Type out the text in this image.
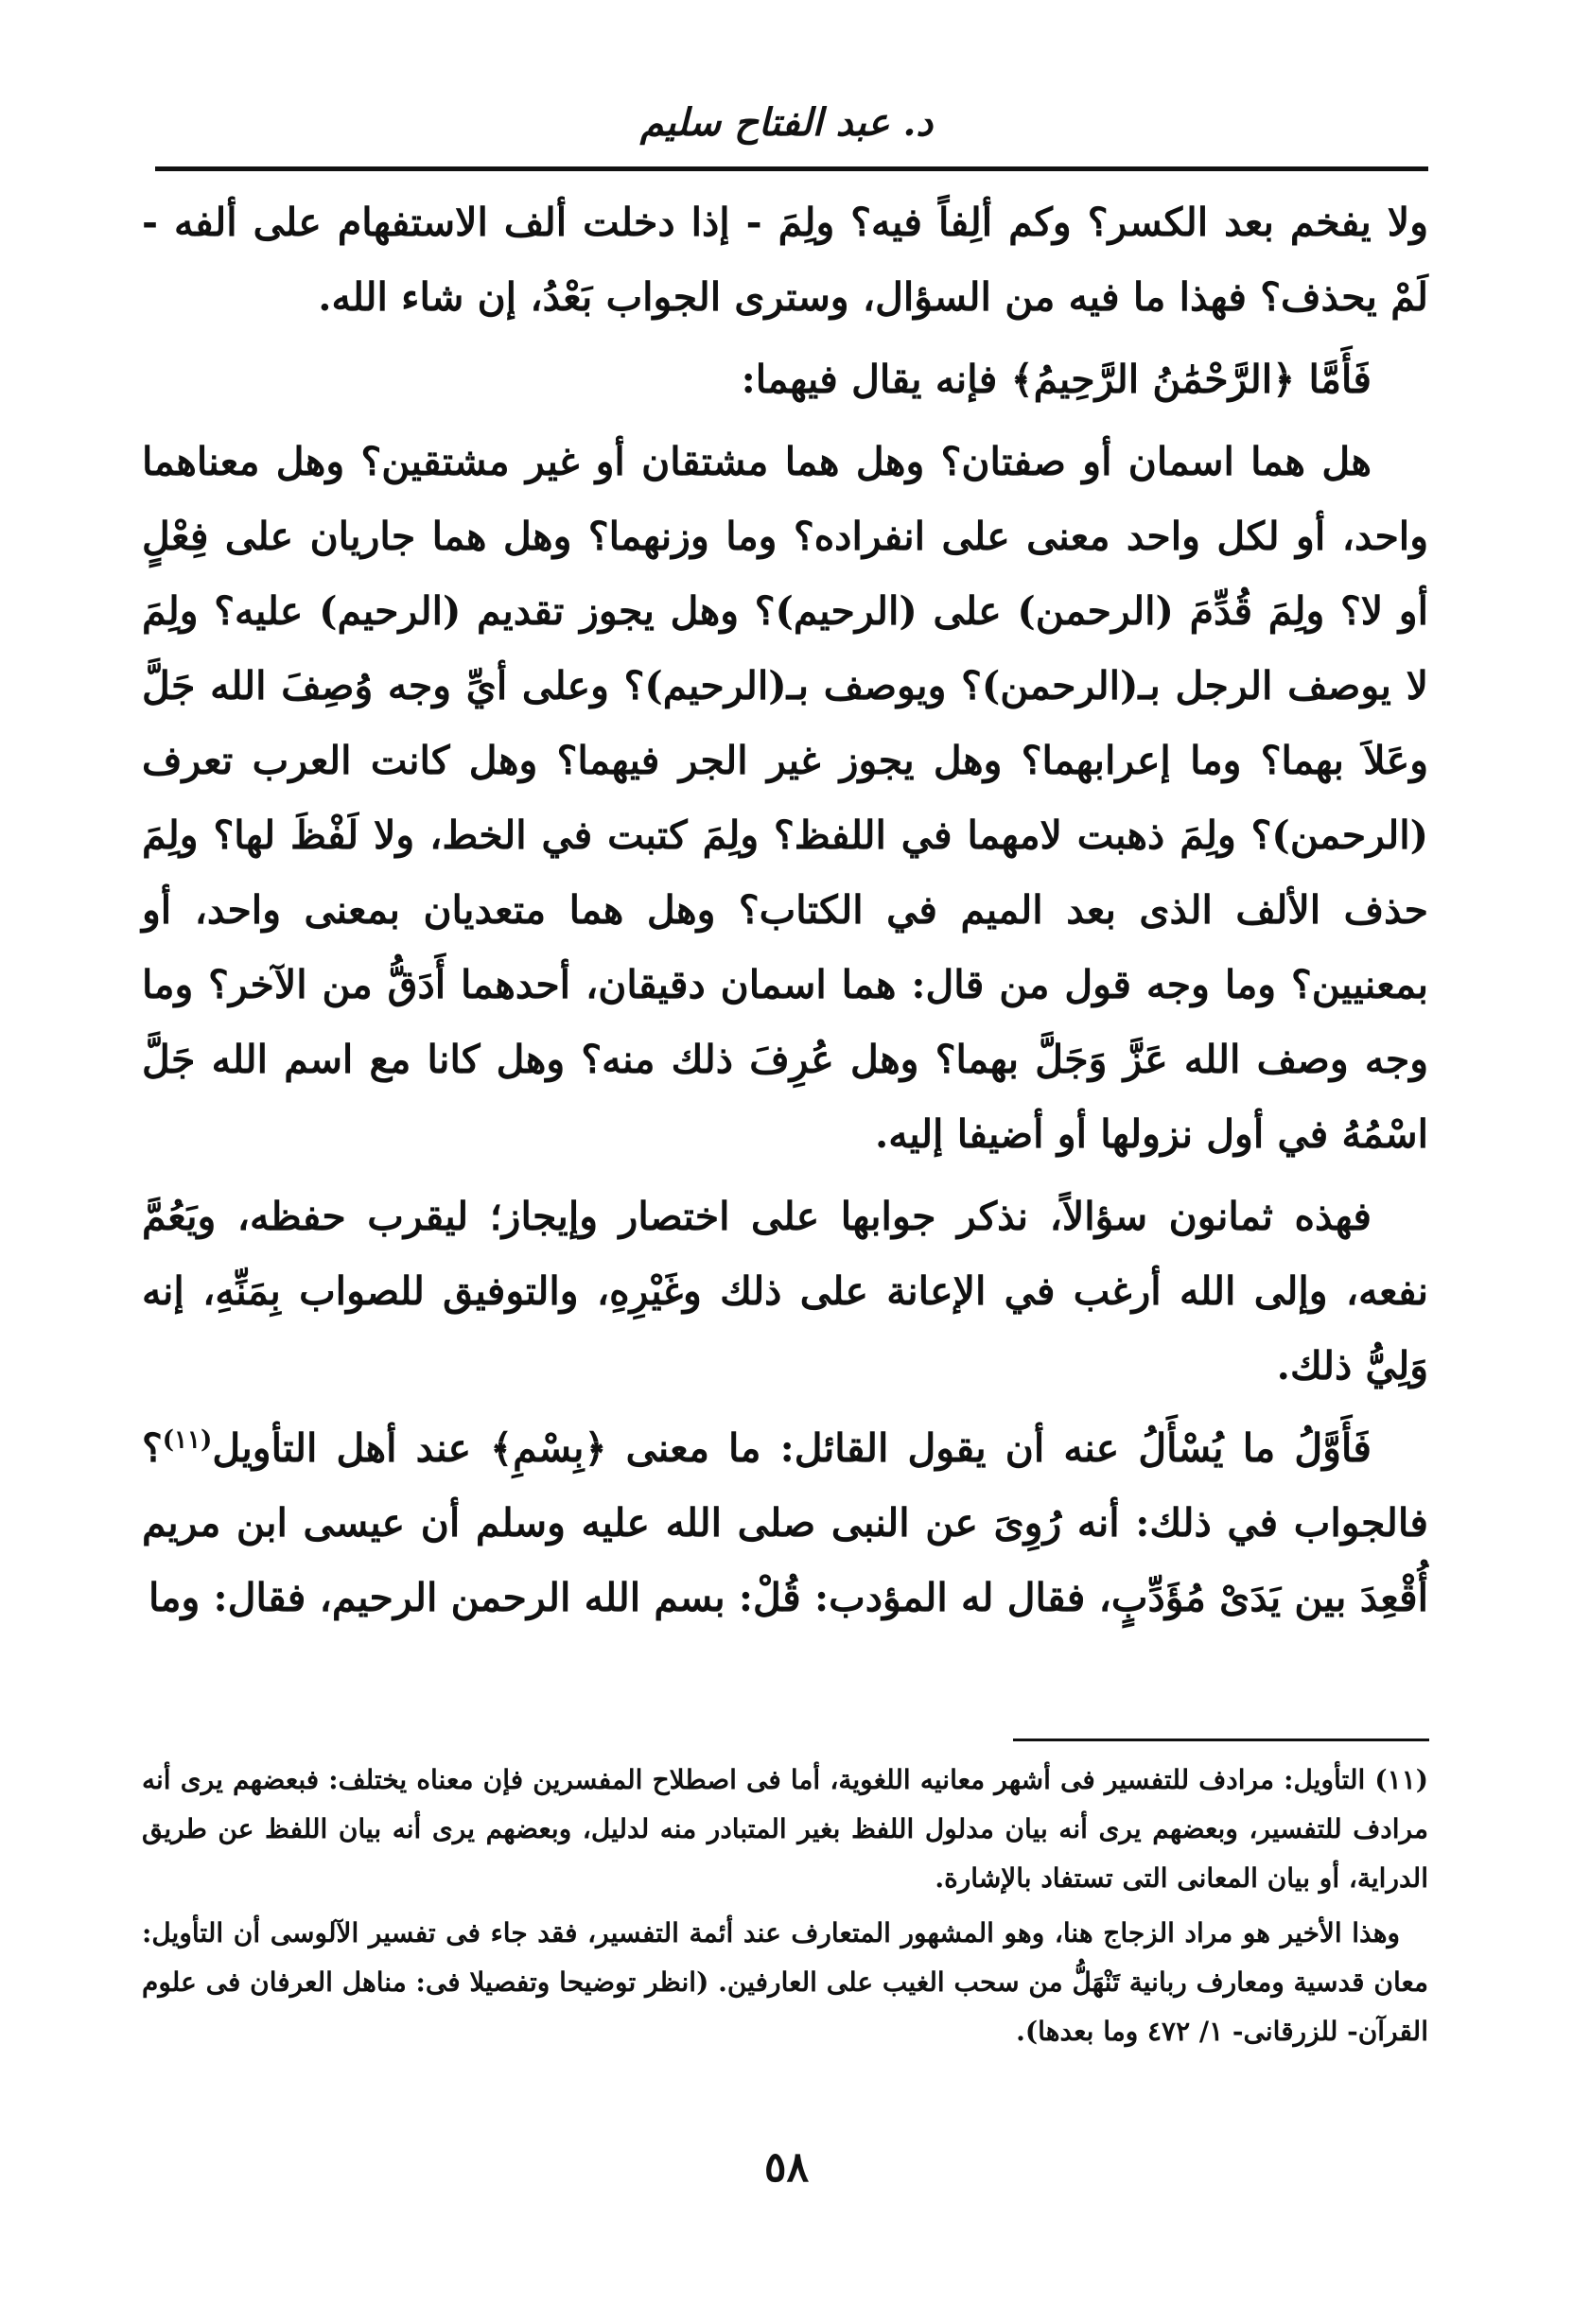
د. عبد الفتاح سليم

ولا يفخم بعد الكسر؟ وكم ألِفاً فيه؟ ولِمَ - إذا دخلت ألف الاستفهام على ألفه - لَمْ يحذف؟ فهذا ما فيه من السؤال، وسترى الجواب بَعْدُ، إن شاء الله.

فَأَمَّا ﴿الرَّحْمَٰنُ الرَّحِيمُ﴾ فإنه يقال فيهما:

هل هما اسمان أو صفتان؟ وهل هما مشتقان أو غير مشتقين؟ وهل معناهما واحد، أو لكل واحد معنى على انفراده؟ وما وزنهما؟ وهل هما جاريان على فِعْلٍ أو لا؟ ولِمَ قُدِّمَ (الرحمن) على (الرحيم)؟ وهل يجوز تقديم (الرحيم) عليه؟ ولِمَ لا يوصف الرجل بـ(الرحمن)؟ ويوصف بـ(الرحيم)؟ وعلى أيِّ وجه وُصِفَ الله جَلَّ وعَلاَ بهما؟ وما إعرابهما؟ وهل يجوز غير الجر فيهما؟ وهل كانت العرب تعرف (الرحمن)؟ ولِمَ ذهبت لامهما في اللفظ؟ ولِمَ كتبت في الخط، ولا لَفْظَ لها؟ ولِمَ حذف الألف الذى بعد الميم في الكتاب؟ وهل هما متعديان بمعنى واحد، أو بمعنيين؟ وما وجه قول من قال: هما اسمان دقيقان، أحدهما أَدَقُّ من الآخر؟ وما وجه وصف الله عَزَّ وَجَلَّ بهما؟ وهل عُرِفَ ذلك منه؟ وهل كانا مع اسم الله جَلَّ اسْمُهُ في أول نزولها أو أضيفا إليه.

فهذه ثمانون سؤالاً، نذكر جوابها على اختصار وإيجاز؛ ليقرب حفظه، ويَعُمَّ نفعه، وإلى الله أرغب في الإعانة على ذلك وغَيْرِهِ، والتوفيق للصواب بِمَنِّهِ، إنه وَلِيُّ ذلك.

فَأَوَّلُ ما يُسْأَلُ عنه أن يقول القائل: ما معنى ﴿بِسْمِ﴾ عند أهل التأويل$^{(١١)}$؟ فالجواب في ذلك: أنه رُوِىَ عن النبى صلى الله عليه وسلم أن عيسى ابن مريم أُقْعِدَ بين يَدَىْ مُؤَدِّبٍ، فقال له المؤدب: قُلْ: بسم الله الرحمن الرحيم، فقال: وما

(١١) التأويل: مرادف للتفسير فى أشهر معانيه اللغوية، أما فى اصطلاح المفسرين فإن معناه يختلف: فبعضهم يرى أنه مرادف للتفسير، وبعضهم يرى أنه بيان مدلول اللفظ بغير المتبادر منه لدليل، وبعضهم يرى أنه بيان اللفظ عن طريق الدراية، أو بيان المعانى التى تستفاد بالإشارة.

وهذا الأخير هو مراد الزجاج هنا، وهو المشهور المتعارف عند أئمة التفسير، فقد جاء فى تفسير الآلوسى أن التأويل: معان قدسية ومعارف ربانية تَنْهَلُّ من سحب الغيب على العارفين. (انظر توضيحا وتفصيلا فى: مناهل العرفان فى علوم القرآن- للزرقانى- ١/ ٤٧٢ وما بعدها).

٥٨
